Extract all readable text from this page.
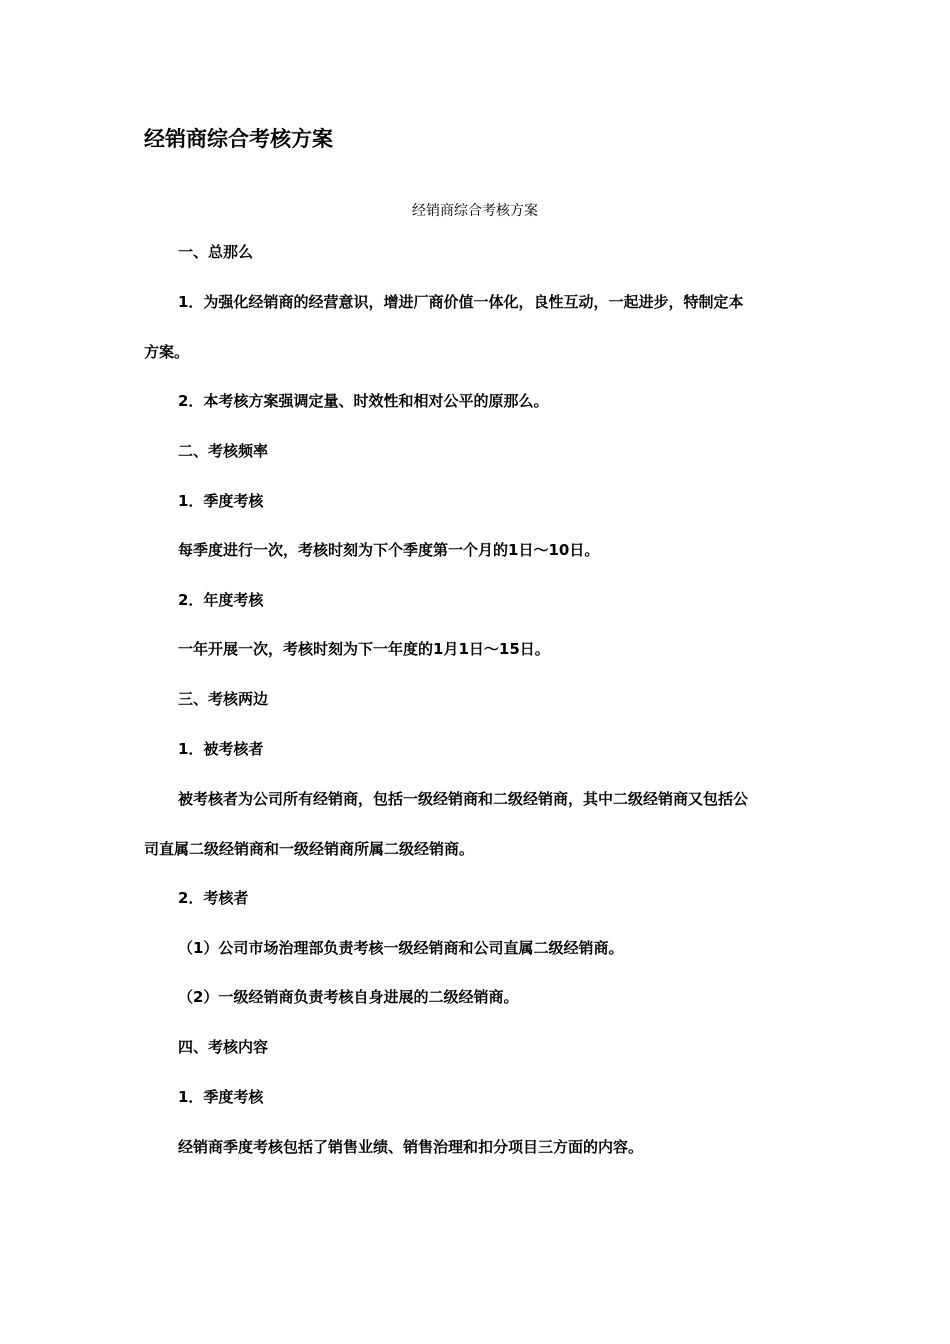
经销商综合考核方案
经销商综合考核方案
一、总那么
1．为强化经销商的经营意识，增进厂商价值一体化，良性互动，一起进步，特制定本
方案。
2．本考核方案强调定量、时效性和相对公平的原那么。
二、考核频率
1．季度考核
每季度进行一次，考核时刻为下个季度第一个月的1日～10日。
2．年度考核
一年开展一次，考核时刻为下一年度的1月1日～15日。
三、考核两边
1．被考核者
被考核者为公司所有经销商，包括一级经销商和二级经销商，其中二级经销商又包括公
司直属二级经销商和一级经销商所属二级经销商。
2．考核者
（1）公司市场治理部负责考核一级经销商和公司直属二级经销商。
（2）一级经销商负责考核自身进展的二级经销商。
四、考核内容
1．季度考核
经销商季度考核包括了销售业绩、销售治理和扣分项目三方面的内容。
